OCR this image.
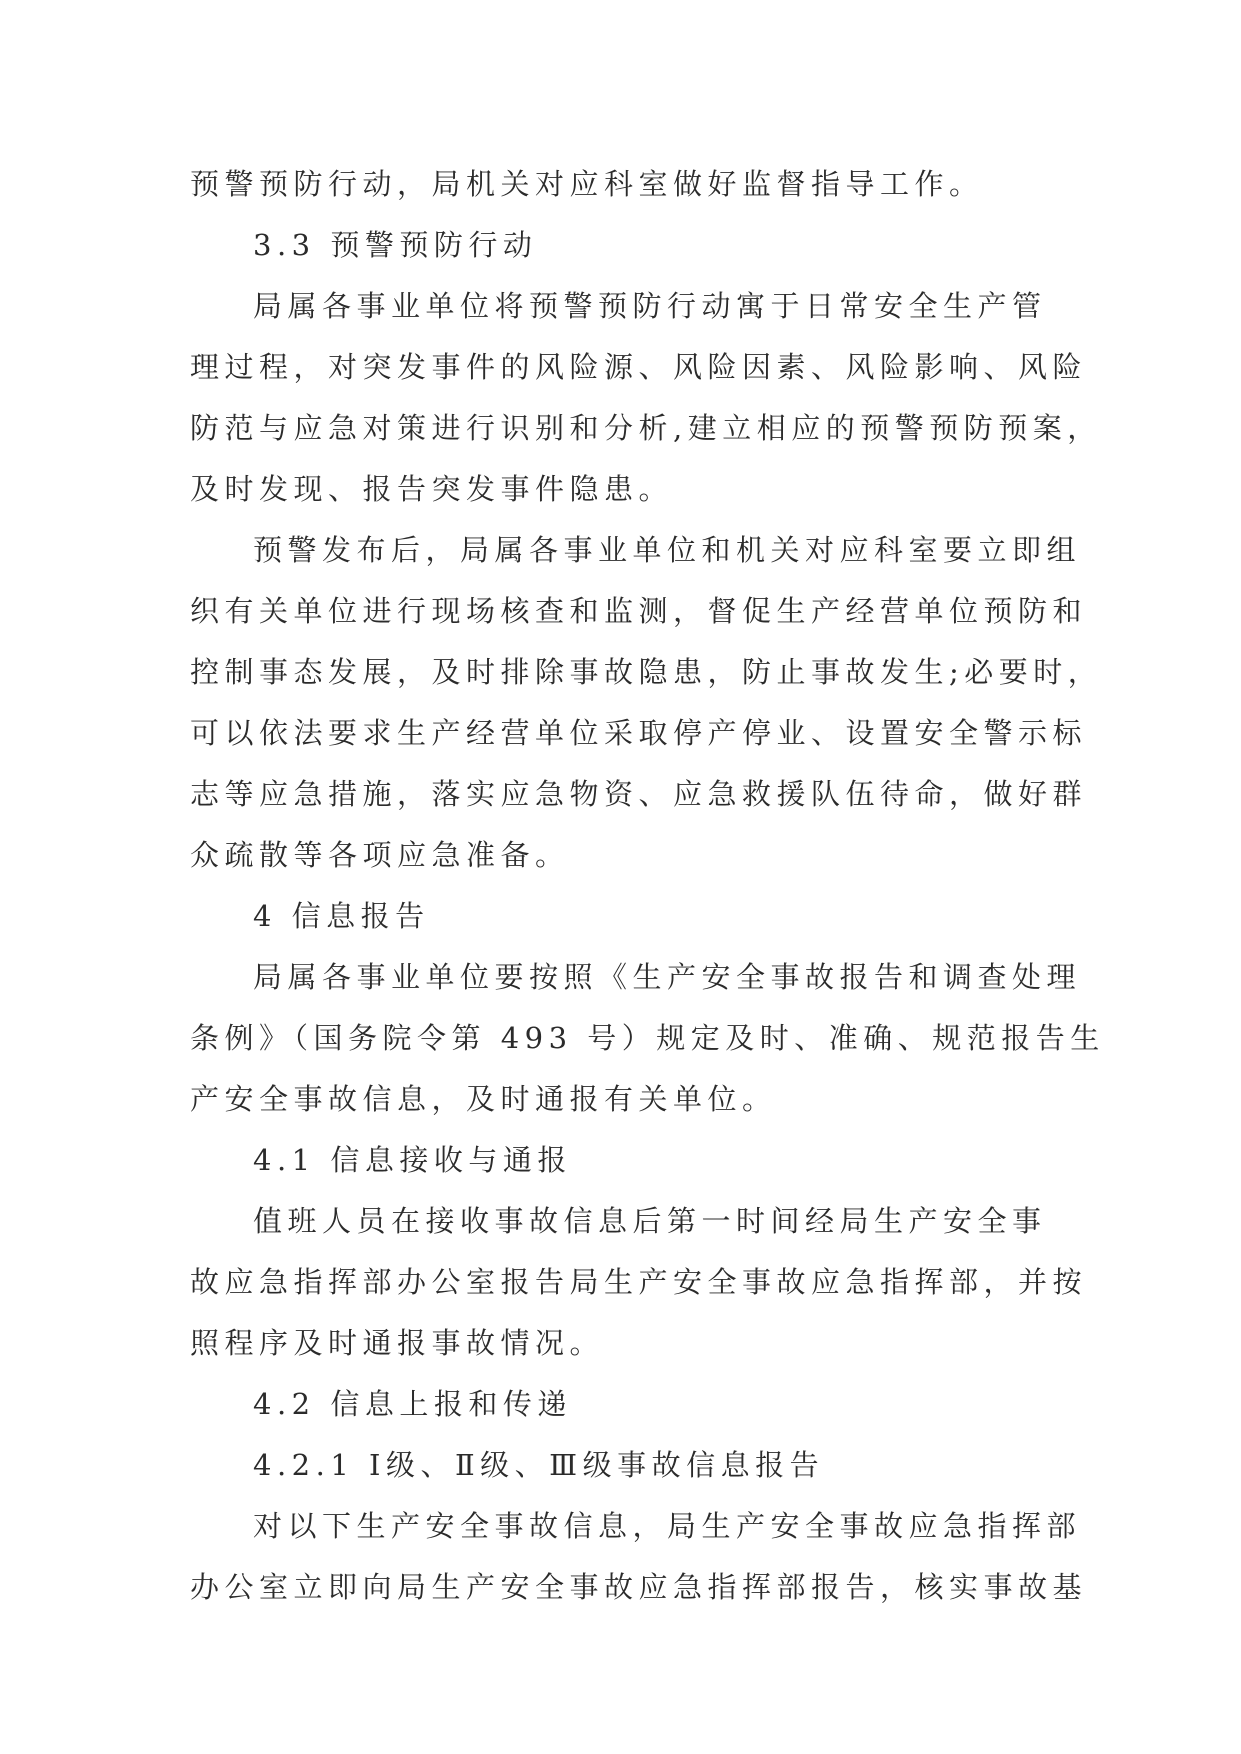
预警预防行动，局机关对应科室做好监督指导工作。
3.3 预警预防行动
局属各事业单位将预警预防行动寓于日常安全生产管
理过程，对突发事件的风险源、风险因素、风险影响、风险
防范与应急对策进行识别和分析,建立相应的预警预防预案，
及时发现、报告突发事件隐患。
预警发布后，局属各事业单位和机关对应科室要立即组
织有关单位进行现场核查和监测，督促生产经营单位预防和
控制事态发展，及时排除事故隐患，防止事故发生;必要时，
可以依法要求生产经营单位采取停产停业、设置安全警示标
志等应急措施，落实应急物资、应急救援队伍待命，做好群
众疏散等各项应急准备。
4 信息报告
局属各事业单位要按照《生产安全事故报告和调查处理
条例》（国务院令第 493 号）规定及时、准确、规范报告生
产安全事故信息，及时通报有关单位。
4.1 信息接收与通报
值班人员在接收事故信息后第一时间经局生产安全事
故应急指挥部办公室报告局生产安全事故应急指挥部，并按
照程序及时通报事故情况。
4.2 信息上报和传递
4.2.1 Ⅰ级、Ⅱ级、Ⅲ级事故信息报告
对以下生产安全事故信息，局生产安全事故应急指挥部
办公室立即向局生产安全事故应急指挥部报告，核实事故基
